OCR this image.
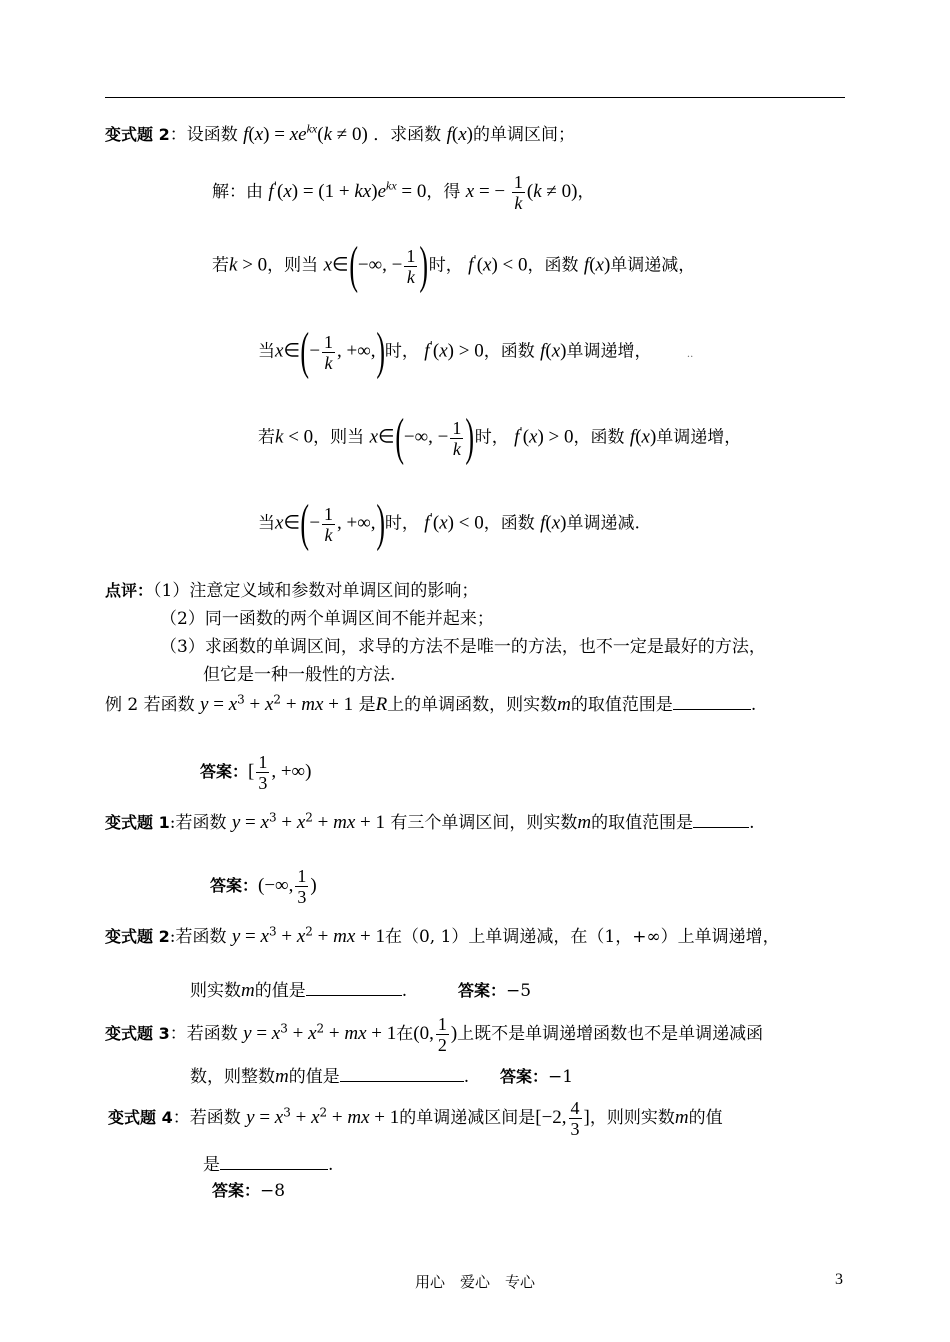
变式题 2：设函数 $f(x) = xe^{kx}(k \ne 0)$ ．求函数 f(x)的单调区间；
解：由 $f'(x) = (1 + kx)e^{kx} = 0$，得 x = − $\frac{1}{k} (k \ne 0)$，
若k > 0，则当 x∈(−∞, − $\frac{1}{k}$ )时， f'(x) < 0，函数 f(x)单调递减，
当x∈(− $\frac{1}{k}$ , +∞,)时， f'(x) > 0，函数 f(x)单调递增，	..
若k < 0，则当 x∈(−∞, − $\frac{1}{k}$ )时， f'(x) > 0，函数 f(x)单调递增，
当x∈(− $\frac{1}{k}$ , +∞,)时， f'(x) < 0，函数 f(x)单调递减.
点评：（1）注意定义域和参数对单调区间的影响；
（2）同一函数的两个单调区间不能并起来；
（3）求函数的单调区间，求导的方法不是唯一的方法，也不一定是最好的方法，
但它是一种一般性的方法.
例 2 若函数 $y = x^3 + x^2$ + mx + 1 是R上的单调函数，则实数m的取值范围是	.
答案：[ $\frac{1}{3}$ , +∞)
变式题 1:若函数 $y = x^3 + x^2$ + mx + 1 有三个单调区间，则实数m的取值范围是	.
答案：(−∞, $\frac{1}{3}$ )
变式题 2:若函数 $y = x^3 + x^2$ + mx + 1在（0, 1）上单调递减，在（1，+∞）上单调递增，
则实数m的值是	.	答案：−5
变式题 3：若函数 $y = x^3 + x^2$ + mx + 1在(0, $\frac{1}{2}$ )上既不是单调递增函数也不是单调递减函
数，则整数m的值是	. 答案：−1
变式题 4：若函数 $y = x^3 + x^2$ + mx + 1的单调递减区间是[−2, $\frac{4}{3}$ ]，则则实数m的值
是	.
答案：−8
用心　爱心　专心	3
